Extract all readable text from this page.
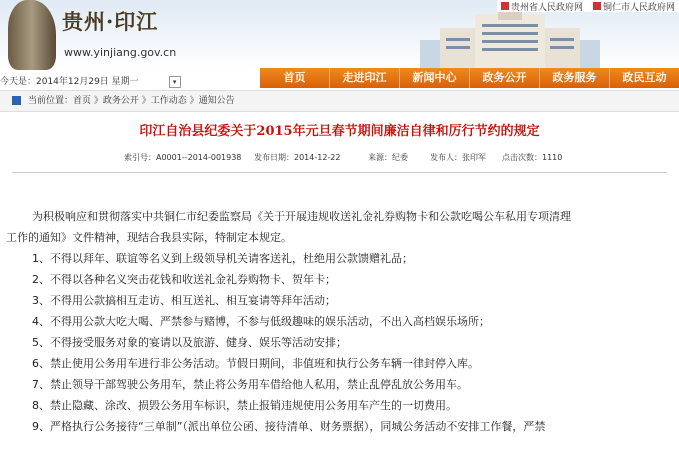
贵州·印江
www.yinjiang.gov.cn
贵州省人民政府网	铜仁市人民政府网
今天是：2014年12月29日 星期一	▾	首页	走进印江	新闻中心	政务公开	政务服务	政民互动
当前位置：首页 》政务公开 》工作动态 》通知公告
印江自治县纪委关于2015年元旦春节期间廉洁自律和厉行节约的规定
索引号：A0001--2014-001938 发布日期：2014-12-22	来源：纪委	发布人：张印军 点击次数：1110

为积极响应和贯彻落实中共铜仁市纪委监察局《关于开展违规收送礼金礼券购物卡和公款吃喝公车私用专项清理

工作的通知》文件精神，现结合我县实际，特制定本规定。

1、不得以拜年、联谊等名义到上级领导机关请客送礼，杜绝用公款馈赠礼品；

2、不得以各种名义突击花钱和收送礼金礼券购物卡、贺年卡；

3、不得用公款搞相互走访、相互送礼、相互宴请等拜年活动；

4、不得用公款大吃大喝、严禁参与赌博，不参与低级趣味的娱乐活动，不出入高档娱乐场所；

5、不得接受服务对象的宴请以及旅游、健身、娱乐等活动安排；

6、禁止使用公务用车进行非公务活动。节假日期间，非值班和执行公务车辆一律封停入库。

7、禁止领导干部驾驶公务用车，禁止将公务用车借给他人私用，禁止乱停乱放公务用车。

8、禁止隐藏、涂改、损毁公务用车标识，禁止报销违规使用公务用车产生的一切费用。

9、严格执行公务接待“三单制”（派出单位公函、接待清单、财务票据），同城公务活动不安排工作餐，严禁
